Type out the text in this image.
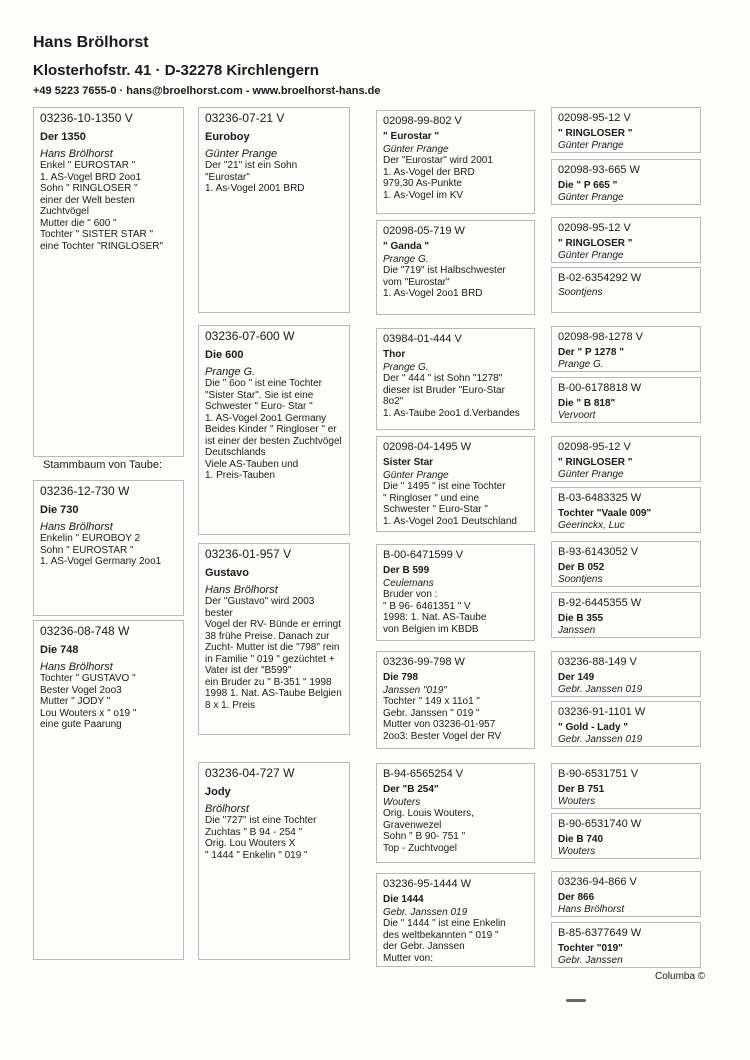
Hans Brölhorst
Klosterhofstr. 41 · D-32278 Kirchlengern
+49 5223 7655-0 · hans@broelhorst.com - www.broelhorst-hans.de
03236-10-1350 V
Der 1350
Hans Brölhorst
Enkel " EUROSTAR "
1. AS-Vogel BRD 2oo1
Sohn " RINGLOSER "
einer der Welt besten
Zuchtvögel
Mutter die " 600 "
Tochter " SISTER STAR "
eine Tochter "RINGLOSER"
Stammbaum von Taube:
03236-12-730 W
Die 730
Hans Brölhorst
Enkelin " EUROBOY 2
Sohn " EUROSTAR "
1. AS-Vogel Germany 2oo1
03236-08-748 W
Die 748
Hans Brölhorst
Tochter " GUSTAVO "
Bester Vogel 2oo3
Mutter " JODY "
Lou Wouters x " o19 "
eine gute Paarung
03236-07-21 V
Euroboy
Günter Prange
Der "21" ist ein Sohn "Eurostar"
1. As-Vogel 2001 BRD
03236-07-600 W
Die 600
Prange G.
Die " 6oo " ist eine Tochter
"Sister Star". Sie ist eine
Schwester " Euro- Star "
1. AS-Vogel 2oo1 Germany
Beides Kinder " Ringloser " er
ist einer der besten Zuchtvögel
Deutschlands
Viele AS-Tauben und
1. Preis-Tauben
03236-01-957 V
Gustavo
Hans Brölhorst
Der "Gustavo" wird 2003 bester
Vogel der RV- Bünde er erringt
38 frühe Preise. Danach zur
Zucht- Mutter ist die "798" rein
in Familie " 019 " gezüchtet +
Vater ist der "B599"
ein Bruder zu " B-351 " 1998
1998 1. Nat. AS-Taube Belgien
8 x 1. Preis
03236-04-727 W
Jody
Brölhorst
Die "727" ist eine Tochter
Zuchtas " B 94 - 254 "
Orig. Lou Wouters X
" 1444 " Enkelin " 019 "
02098-99-802 V
" Eurostar "
Günter Prange
Der "Eurostar" wird 2001
1. As-Vogel der BRD
979,30 As-Punkte
1. As-Vogel im KV
02098-05-719 W
" Ganda "
Prange G.
Die "719" ist Halbschwester
vom "Eurostar"
1. As-Vogel 2oo1 BRD
03984-01-444 V
Thor
Prange G.
Der " 444 " ist Sohn "1278"
dieser ist Bruder "Euro-Star
8o2"
1. As-Taube 2oo1 d.Verbandes
02098-04-1495 W
Sister Star
Günter Prange
Die " 1495 " ist eine Tochter
" Ringloser " und eine
Schwester " Euro-Star "
1. As-Vogel 2oo1 Deutschland
B-00-6471599 V
Der B 599
Ceulemans
Bruder von :
" B 96- 6461351 " V
1998: 1. Nat. AS-Taube
von Belgien im KBDB
03236-99-798 W
Die 798
Janssen "019"
Tochter " 149 x 11o1 "
Gebr. Janssen " 019 "
Mutter von 03236-01-957
2oo3: Bester Vogel der RV
B-94-6565254 V
Der "B 254"
Wouters
Orig. Louis Wouters,
Gravenwezel
Sohn " B 90- 751 "
Top - Zuchtvogel
03236-95-1444 W
Die 1444
Gebr. Janssen 019
Die " 1444 " ist eine Enkelin
des weltbekannten " 019 "
der Gebr. Janssen
Mutter von:
02098-95-12 V
" RINGLOSER "
Günter Prange
02098-93-665 W
Die " P 665 "
Günter Prange
02098-95-12 V
" RINGLOSER "
Günter Prange
B-02-6354292 W
Soontjens
02098-98-1278 V
Der " P 1278 "
Prange G.
B-00-6178818 W
Die " B 818"
Vervoort
02098-95-12 V
" RINGLOSER "
Günter Prange
B-03-6483325 W
Tochter "Vaale 009"
Geerinckx, Luc
B-93-6143052 V
Der B 052
Soontjens
B-92-6445355 W
Die B 355
Janssen
03236-88-149 V
Der 149
Gebr. Janssen 019
03236-91-1101 W
" Gold - Lady "
Gebr. Janssen 019
B-90-6531751 V
Der B 751
Wouters
B-90-6531740 W
Die B 740
Wouters
03236-94-866 V
Der 866
Hans Brölhorst
B-85-6377649 W
Tochter "019"
Gebr. Janssen
Columba ©
